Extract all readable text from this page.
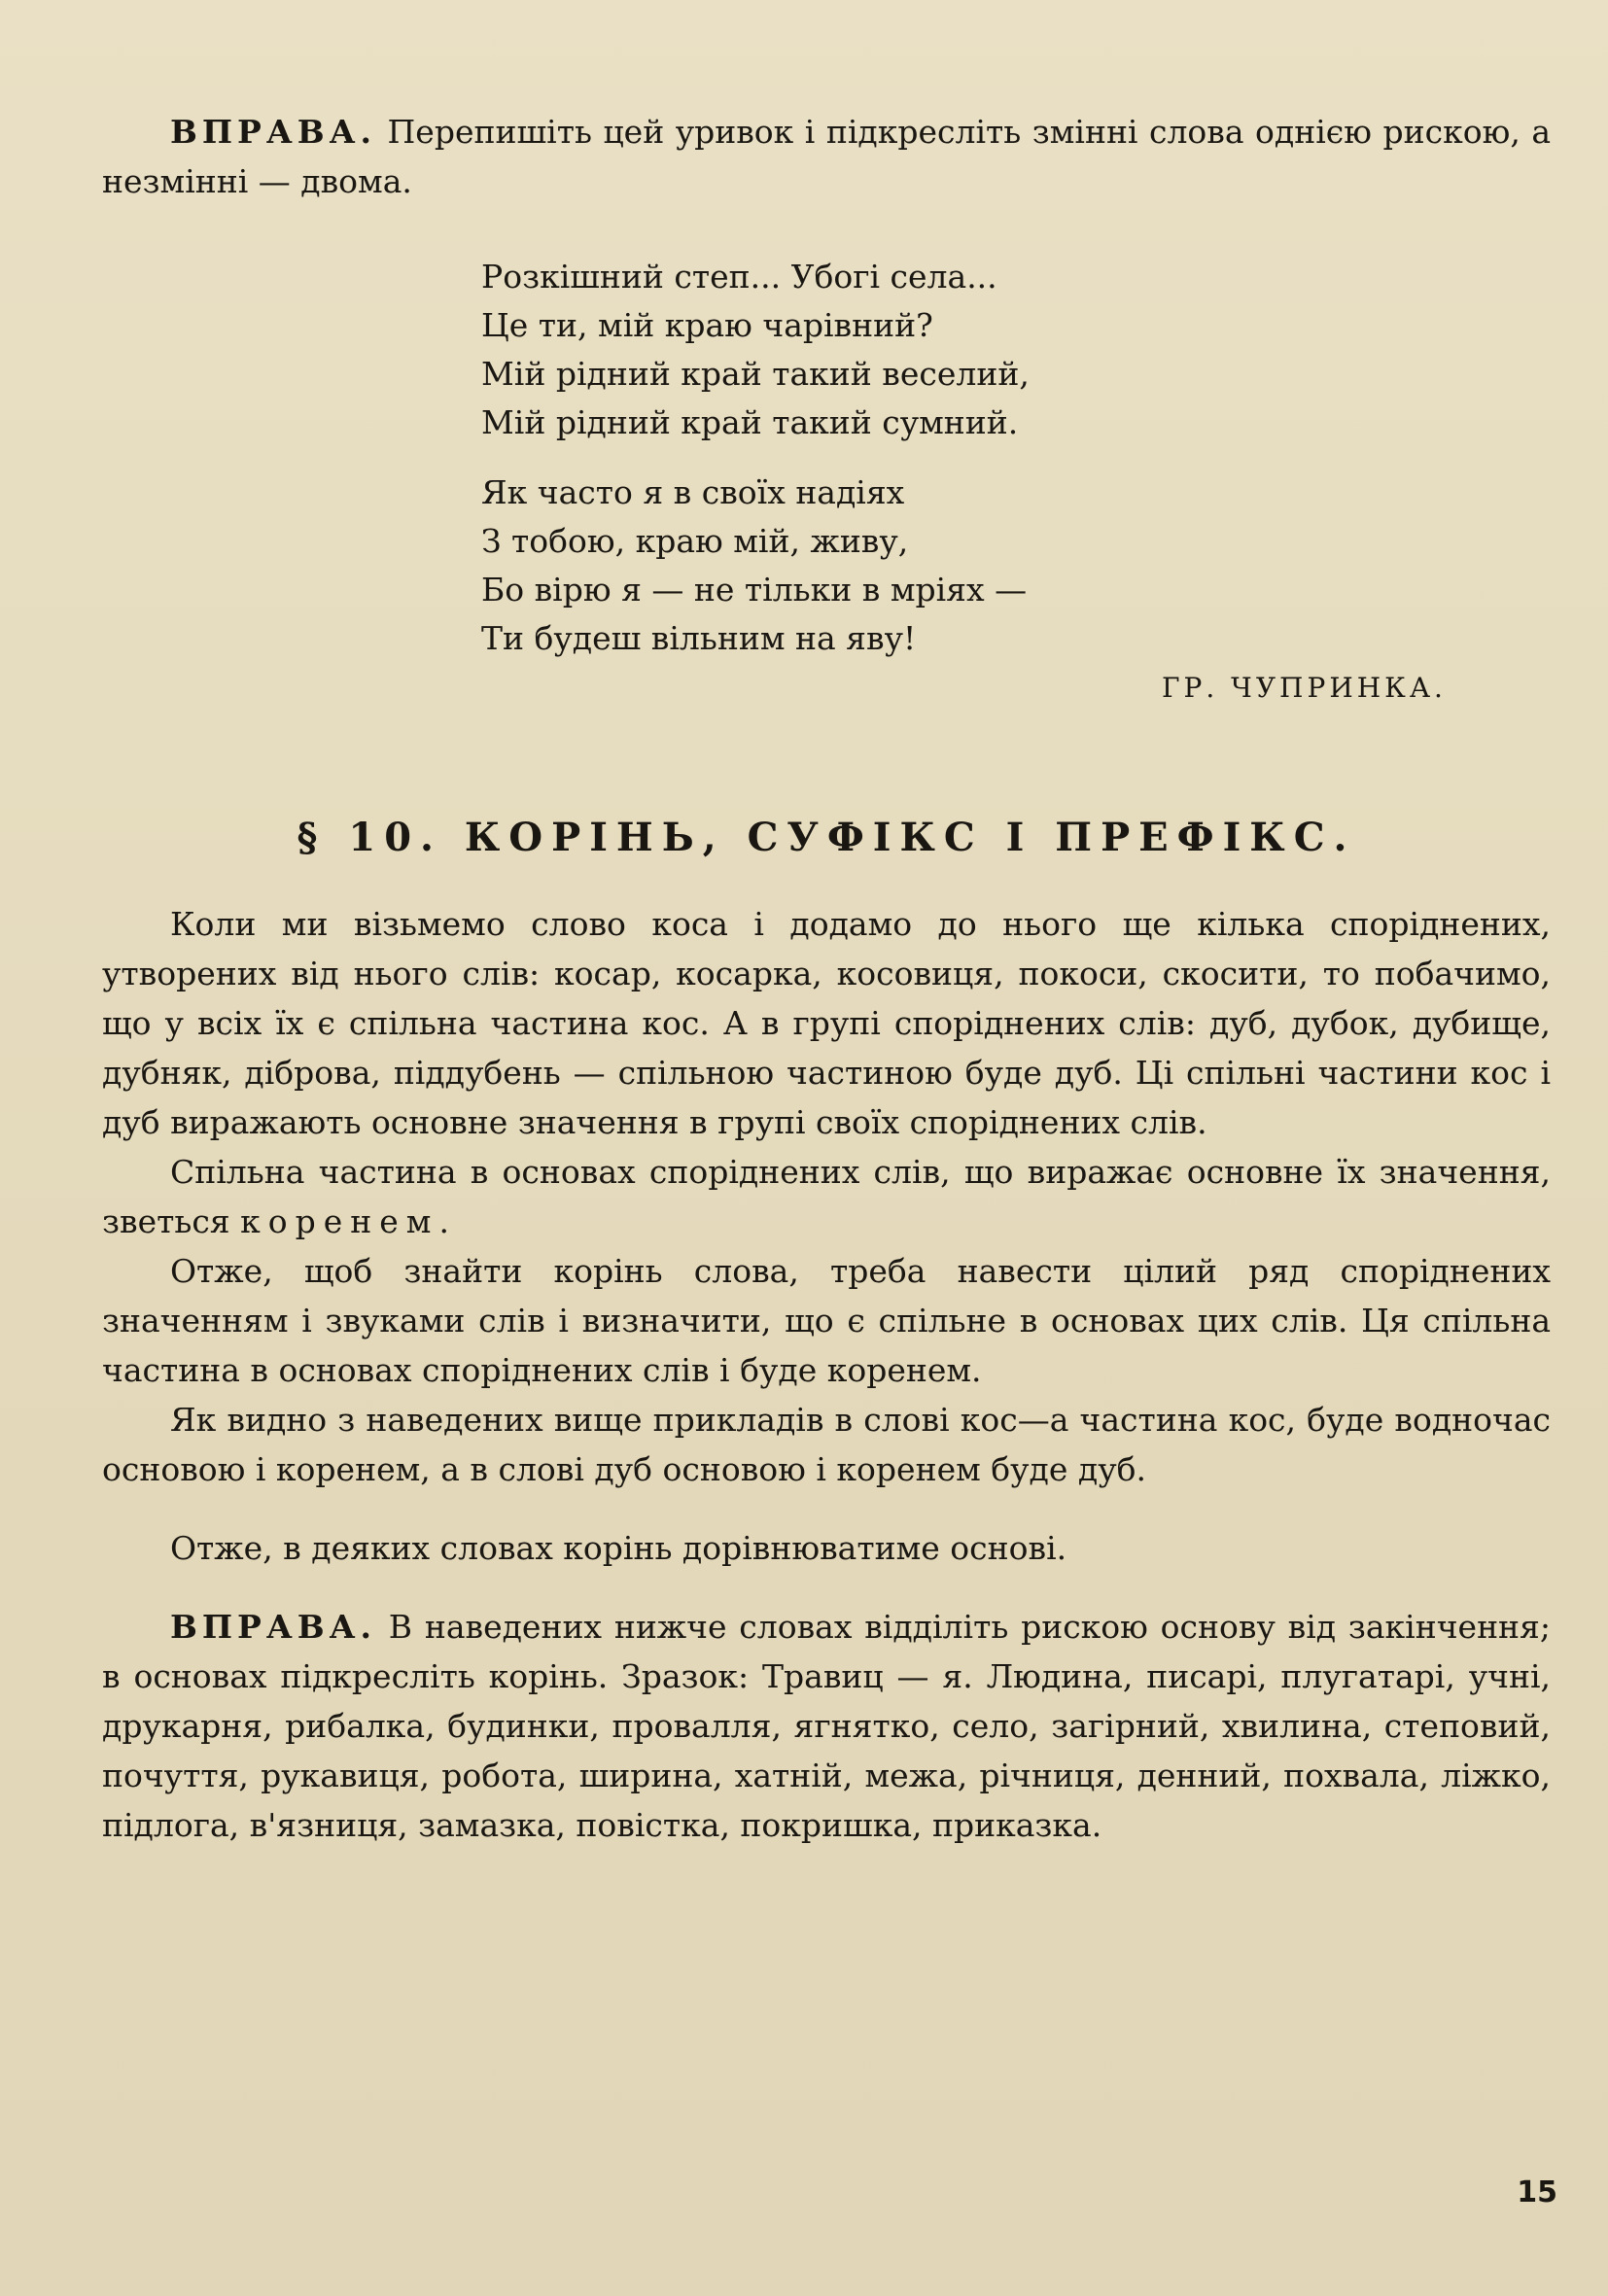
ВПРАВА. Перепишіть цей уривок і підкресліть змінні слова однією рискою, а незмінні — двома.

Розкішний степ... Убогі села...
Це ти, мій краю чарівний?
Мій рідний край такий веселий,
Мій рідний край такий сумний.
Як часто я в своїх надіях
З тобою, краю мій, живу,
Бо вірю я — не тільки в мріях —
Ти будеш вільним на яву!
ГР. ЧУПРИНКА.
§ 10. КОРІНЬ, СУФІКС І ПРЕФІКС.

Коли ми візьмемо слово коса і додамо до нього ще кілька споріднених, утворених від нього слів: косар, косарка, косовиця, покоси, скосити, то побачимо, що у всіх їх є спільна частина кос. А в групі споріднених слів: дуб, дубок, дубище, дубняк, діброва, піддубень — спільною частиною буде дуб. Ці спільні частини кос і дуб виражають основне значення в групі своїх споріднених слів.

Спільна частина в основах споріднених слів, що виражає основне їх значення, зветься коренем.

Отже, щоб знайти корінь слова, треба навести цілий ряд споріднених значенням і звуками слів і визначити, що є спільне в основах цих слів. Ця спільна частина в основах споріднених слів і буде коренем.

Як видно з наведених вище прикладів в слові кос—а частина кос, буде водночас основою і коренем, а в слові дуб основою і коренем буде дуб.

Отже, в деяких словах корінь дорівнюватиме основі.

ВПРАВА. В наведених нижче словах відділіть рискою основу від закінчення; в основах підкресліть корінь. Зразок: Травиц — я. Людина, писарі, плугатарі, учні, друкарня, рибалка, будинки, провалля, ягнятко, село, загірний, хвилина, степовий, почуття, рукавиця, робота, ширина, хатній, межа, річниця, денний, похвала, ліжко, підлога, в'язниця, замазка, повістка, покришка, приказка.

15
